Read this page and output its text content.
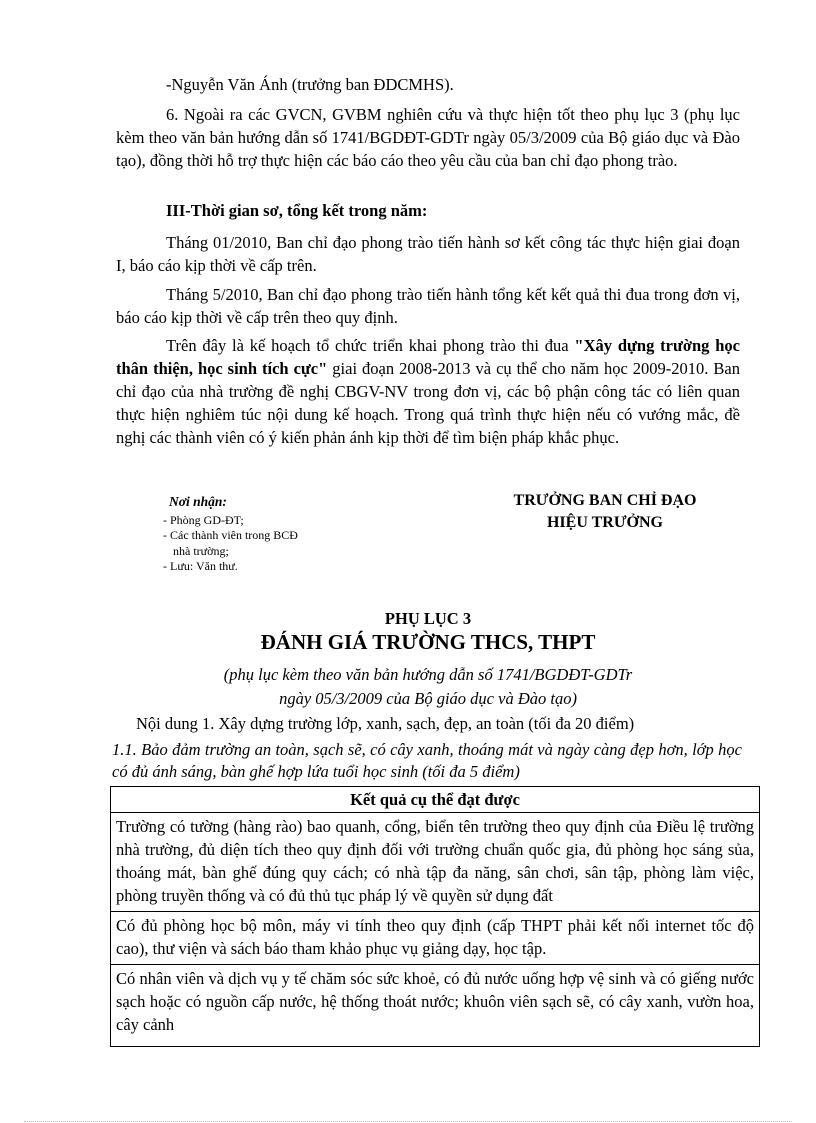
-Nguyễn Văn Ánh (trưởng ban ĐDCMHS).
6. Ngoài ra các GVCN, GVBM nghiên cứu và thực hiện tốt theo phụ lục 3 (phụ lục kèm theo văn bản hướng dẫn số 1741/BGDĐT-GDTr ngày 05/3/2009 của Bộ giáo dục và Đào tạo), đồng thời hỗ trợ thực hiện các báo cáo theo yêu cầu của ban chỉ đạo phong trào.
III-Thời gian sơ, tổng kết trong năm:
Tháng 01/2010, Ban chỉ đạo phong trào tiến hành sơ kết công tác thực hiện giai đoạn I, báo cáo kịp thời về cấp trên.
Tháng 5/2010, Ban chỉ đạo phong trào tiến hành tổng kết kết quả thi đua trong đơn vị, báo cáo kịp thời về cấp trên theo quy định.
Trên đây là kế hoạch tổ chức triển khai phong trào thi đua "Xây dựng trường học thân thiện, học sinh tích cực" giai đoạn 2008-2013 và cụ thể cho năm học 2009-2010. Ban chỉ đạo của nhà trường đề nghị CBGV-NV trong đơn vị, các bộ phận công tác có liên quan thực hiện nghiêm túc nội dung kế hoạch. Trong quá trình thực hiện nếu có vướng mắc, đề nghị các thành viên có ý kiến phản ánh kịp thời để tìm biện pháp khắc phục.
Nơi nhận:
- Phòng GD-ĐT;
- Các thành viên trong BCĐ
nhà trường;
- Lưu: Văn thư.
TRƯỞNG BAN CHỈ ĐẠO
HIỆU TRƯỞNG
PHỤ LỤC 3
ĐÁNH GIÁ TRƯỜNG THCS, THPT
(phụ lục kèm theo văn bản hướng dẫn số 1741/BGDĐT-GDTr
ngày 05/3/2009 của Bộ giáo dục và Đào tạo)
Nội dung 1. Xây dựng trường lớp, xanh, sạch, đẹp, an toàn (tối đa 20 điểm)
1.1. Bảo đảm trường an toàn, sạch sẽ, có cây xanh, thoáng mát và ngày càng đẹp hơn, lớp học có đủ ánh sáng, bàn ghế hợp lứa tuổi học sinh (tối đa 5 điểm)
Kết quả cụ thể đạt được
Trường có tường (hàng rào) bao quanh, cổng, biển tên trường theo quy định của Điều lệ trường nhà trường, đủ diện tích theo quy định đối với trường chuẩn quốc gia, đủ phòng học sáng sủa, thoáng mát, bàn ghế đúng quy cách; có nhà tập đa năng, sân chơi, sân tập, phòng làm việc, phòng truyền thống và có đủ thủ tục pháp lý về quyền sử dụng đất
Có đủ phòng học bộ môn, máy vi tính theo quy định (cấp THPT phải kết nối internet tốc độ cao), thư viện và sách báo tham khảo phục vụ giảng dạy, học tập.
Có nhân viên và dịch vụ y tế chăm sóc sức khoẻ, có đủ nước uống hợp vệ sinh và có giếng nước sạch hoặc có nguồn cấp nước, hệ thống thoát nước; khuôn viên sạch sẽ, có cây xanh, vườn hoa, cây cảnh
